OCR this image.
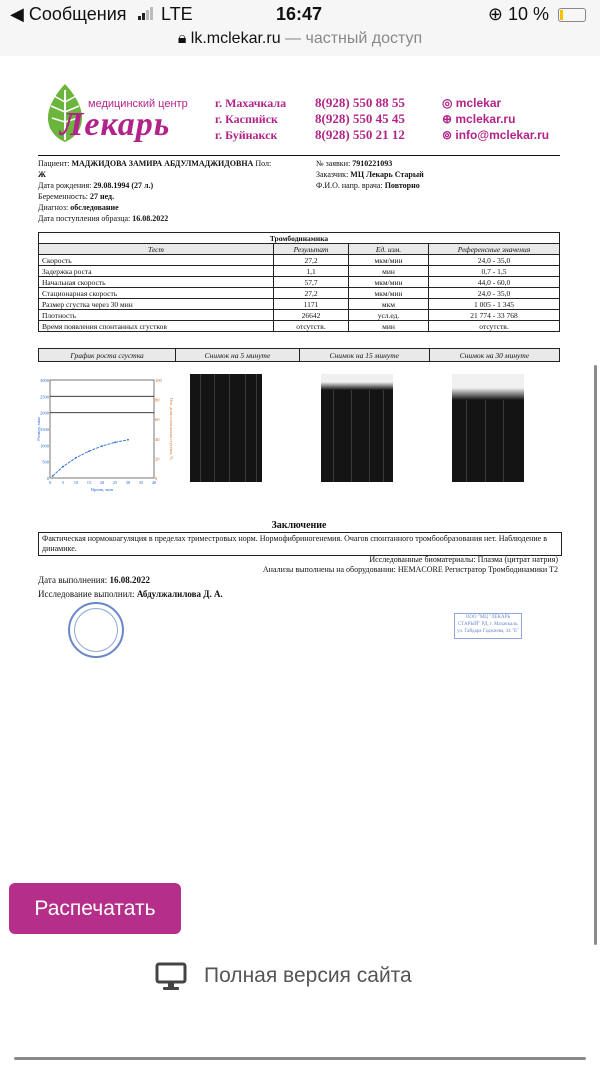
◀ Сообщения	LTE	16:47	⊕ 10 %
🔒︎ lk.mclekar.ru — частный доступ
медицинский центр
Лекарь
г. Махачкала
г. Каспийск
г. Буйнакск
8(928) 550 88 55
8(928) 550 45 45
8(928) 550 21 12
◎ mclekar
⊕ mclekar.ru
⊚ info@mclekar.ru
Пациент: МАДЖИДОВА ЗАМИРА АБДУЛМАДЖИДОВНА Пол:
Ж
Дата рождения: 29.08.1994 (27 л.)
Беременность: 27 нед.
Диагноз: обследование
Дата поступления образца: 16.08.2022
№ заявки: 7910221093
Заказчик: МЦ Лекарь Старый
Ф.И.О. напр. врача: Повторно
Тромбодинамика			
Тест	Результат	Ед. изм.	Референсные значения
Скорость	27,2	мкм/мин	24,0 - 35,0
Задержка роста	1,1	мин	0,7 - 1,5
Начальная скорость	57,7	мкм/мин	44,0 - 60,0
Стационарная скорость	27,2	мкм/мин	24,0 - 35,0
Размер сгустка через 30 мин	1171	мкм	1 005 - 1 345
Плотность	26642	усл.ед.	21 774 - 33 768
Время появления спонтанных сгустков	отсутств.	мин	отсутств.
График роста сгустка	Снимок на 5 минуте	Снимок на 15 минуте	Снимок на 30 минуте
0
500
1000
1500
2000
2500
3000
0
20
40
60
80
100
0 5 10 15 20 25 30 35 40
Время, мин
Размер, мкм	Отн. доля спонтанных сгустков, %
Заключение
Фактическая нормокоагуляция в пределах триместровых норм. Нормофибриногенемия. Очагов спонтанного тромбообразования нет. Наблюдение в динамике.
Исследованные биоматериалы: Плазма (цитрат натрия)
Анализы выполнены на оборудовании: HEMACORE Регистратор Тромбодинамики Т2
Дата выполнения: 16.08.2022
Исследование выполнил: Абдулжалилова Д. А.
ООО "МЦ "ЛЕКАРЬ СТАРЫЙ" РД, г. Махачкала, ул. Гайдара Гаджиева, 34 "Б"
Распечатать
Полная версия сайта
